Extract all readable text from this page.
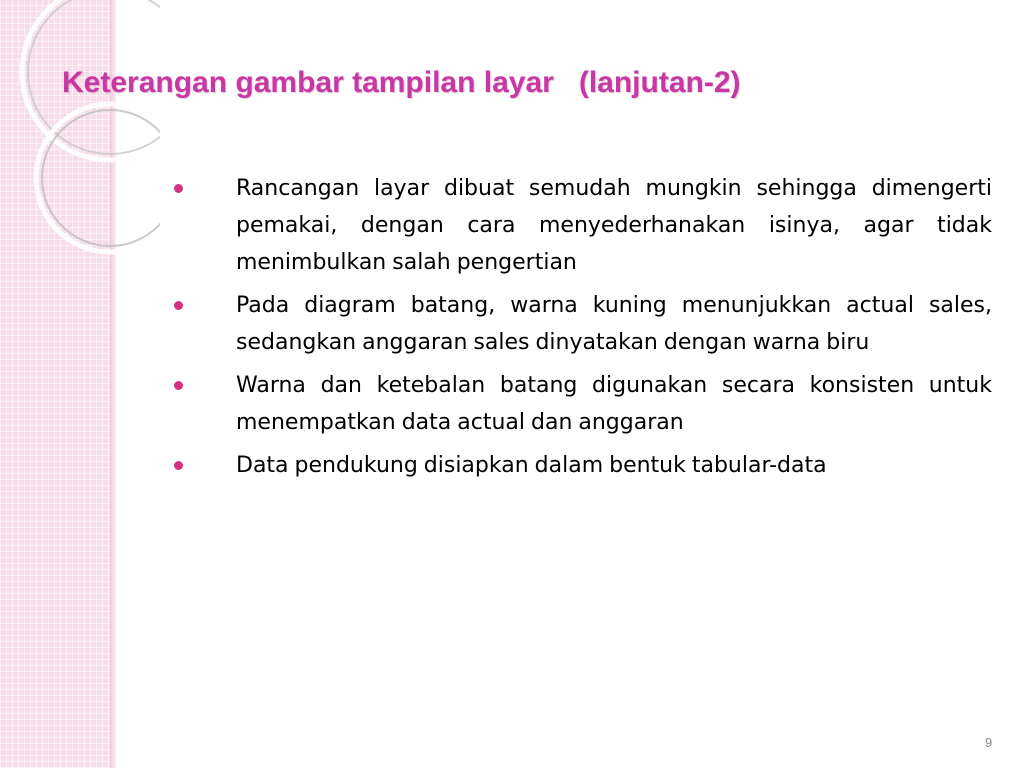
Keterangan gambar tampilan layar   (lanjutan-2)
Rancangan layar dibuat semudah mungkin sehingga dimengerti pemakai, dengan cara menyederhanakan isinya, agar tidak menimbulkan salah pengertian
Pada diagram batang, warna kuning menunjukkan actual sales, sedangkan anggaran sales dinyatakan dengan warna biru
Warna dan ketebalan batang digunakan secara konsisten untuk menempatkan data actual dan anggaran
Data pendukung disiapkan dalam bentuk tabular-data
9
